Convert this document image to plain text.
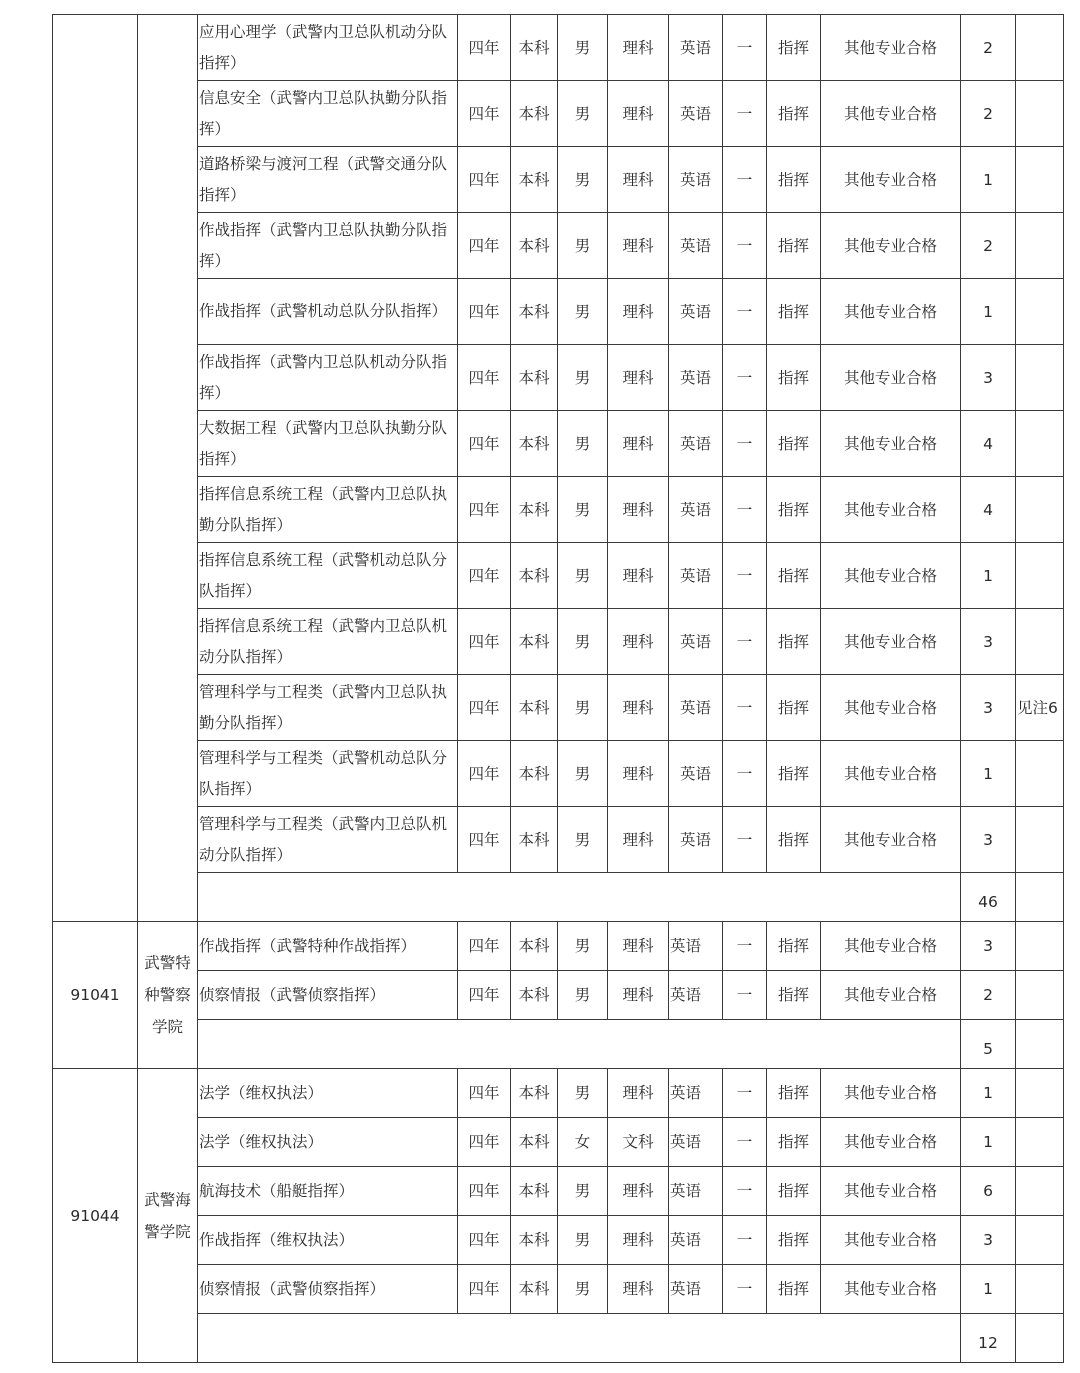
		应用心理学（武警内卫总队机动分队指挥）	四年	本科	男	理科	英语	一	指挥	其他专业合格	2	
		信息安全（武警内卫总队执勤分队指挥）	四年	本科	男	理科	英语	一	指挥	其他专业合格	2	
		道路桥梁与渡河工程（武警交通分队指挥）	四年	本科	男	理科	英语	一	指挥	其他专业合格	1	
		作战指挥（武警内卫总队执勤分队指挥）	四年	本科	男	理科	英语	一	指挥	其他专业合格	2	
		作战指挥（武警机动总队分队指挥）	四年	本科	男	理科	英语	一	指挥	其他专业合格	1	
		作战指挥（武警内卫总队机动分队指挥）	四年	本科	男	理科	英语	一	指挥	其他专业合格	3	
		大数据工程（武警内卫总队执勤分队指挥）	四年	本科	男	理科	英语	一	指挥	其他专业合格	4	
		指挥信息系统工程（武警内卫总队执勤分队指挥）	四年	本科	男	理科	英语	一	指挥	其他专业合格	4	
		指挥信息系统工程（武警机动总队分队指挥）	四年	本科	男	理科	英语	一	指挥	其他专业合格	1	
		指挥信息系统工程（武警内卫总队机动分队指挥）	四年	本科	男	理科	英语	一	指挥	其他专业合格	3	
		管理科学与工程类（武警内卫总队执勤分队指挥）	四年	本科	男	理科	英语	一	指挥	其他专业合格	3	见注6
		管理科学与工程类（武警机动总队分队指挥）	四年	本科	男	理科	英语	一	指挥	其他专业合格	1	
		管理科学与工程类（武警内卫总队机动分队指挥）	四年	本科	男	理科	英语	一	指挥	其他专业合格	3	
											46	
91041	武警特种警察学院	作战指挥（武警特种作战指挥）	四年	本科	男	理科	英语	一	指挥	其他专业合格	3	
		侦察情报（武警侦察指挥）	四年	本科	男	理科	英语	一	指挥	其他专业合格	2	
											5	
91044	武警海警学院	法学（维权执法）	四年	本科	男	理科	英语	一	指挥	其他专业合格	1	
		法学（维权执法）	四年	本科	女	文科	英语	一	指挥	其他专业合格	1	
		航海技术（船艇指挥）	四年	本科	男	理科	英语	一	指挥	其他专业合格	6	
		作战指挥（维权执法）	四年	本科	男	理科	英语	一	指挥	其他专业合格	3	
		侦察情报（武警侦察指挥）	四年	本科	男	理科	英语	一	指挥	其他专业合格	1	
											12	
